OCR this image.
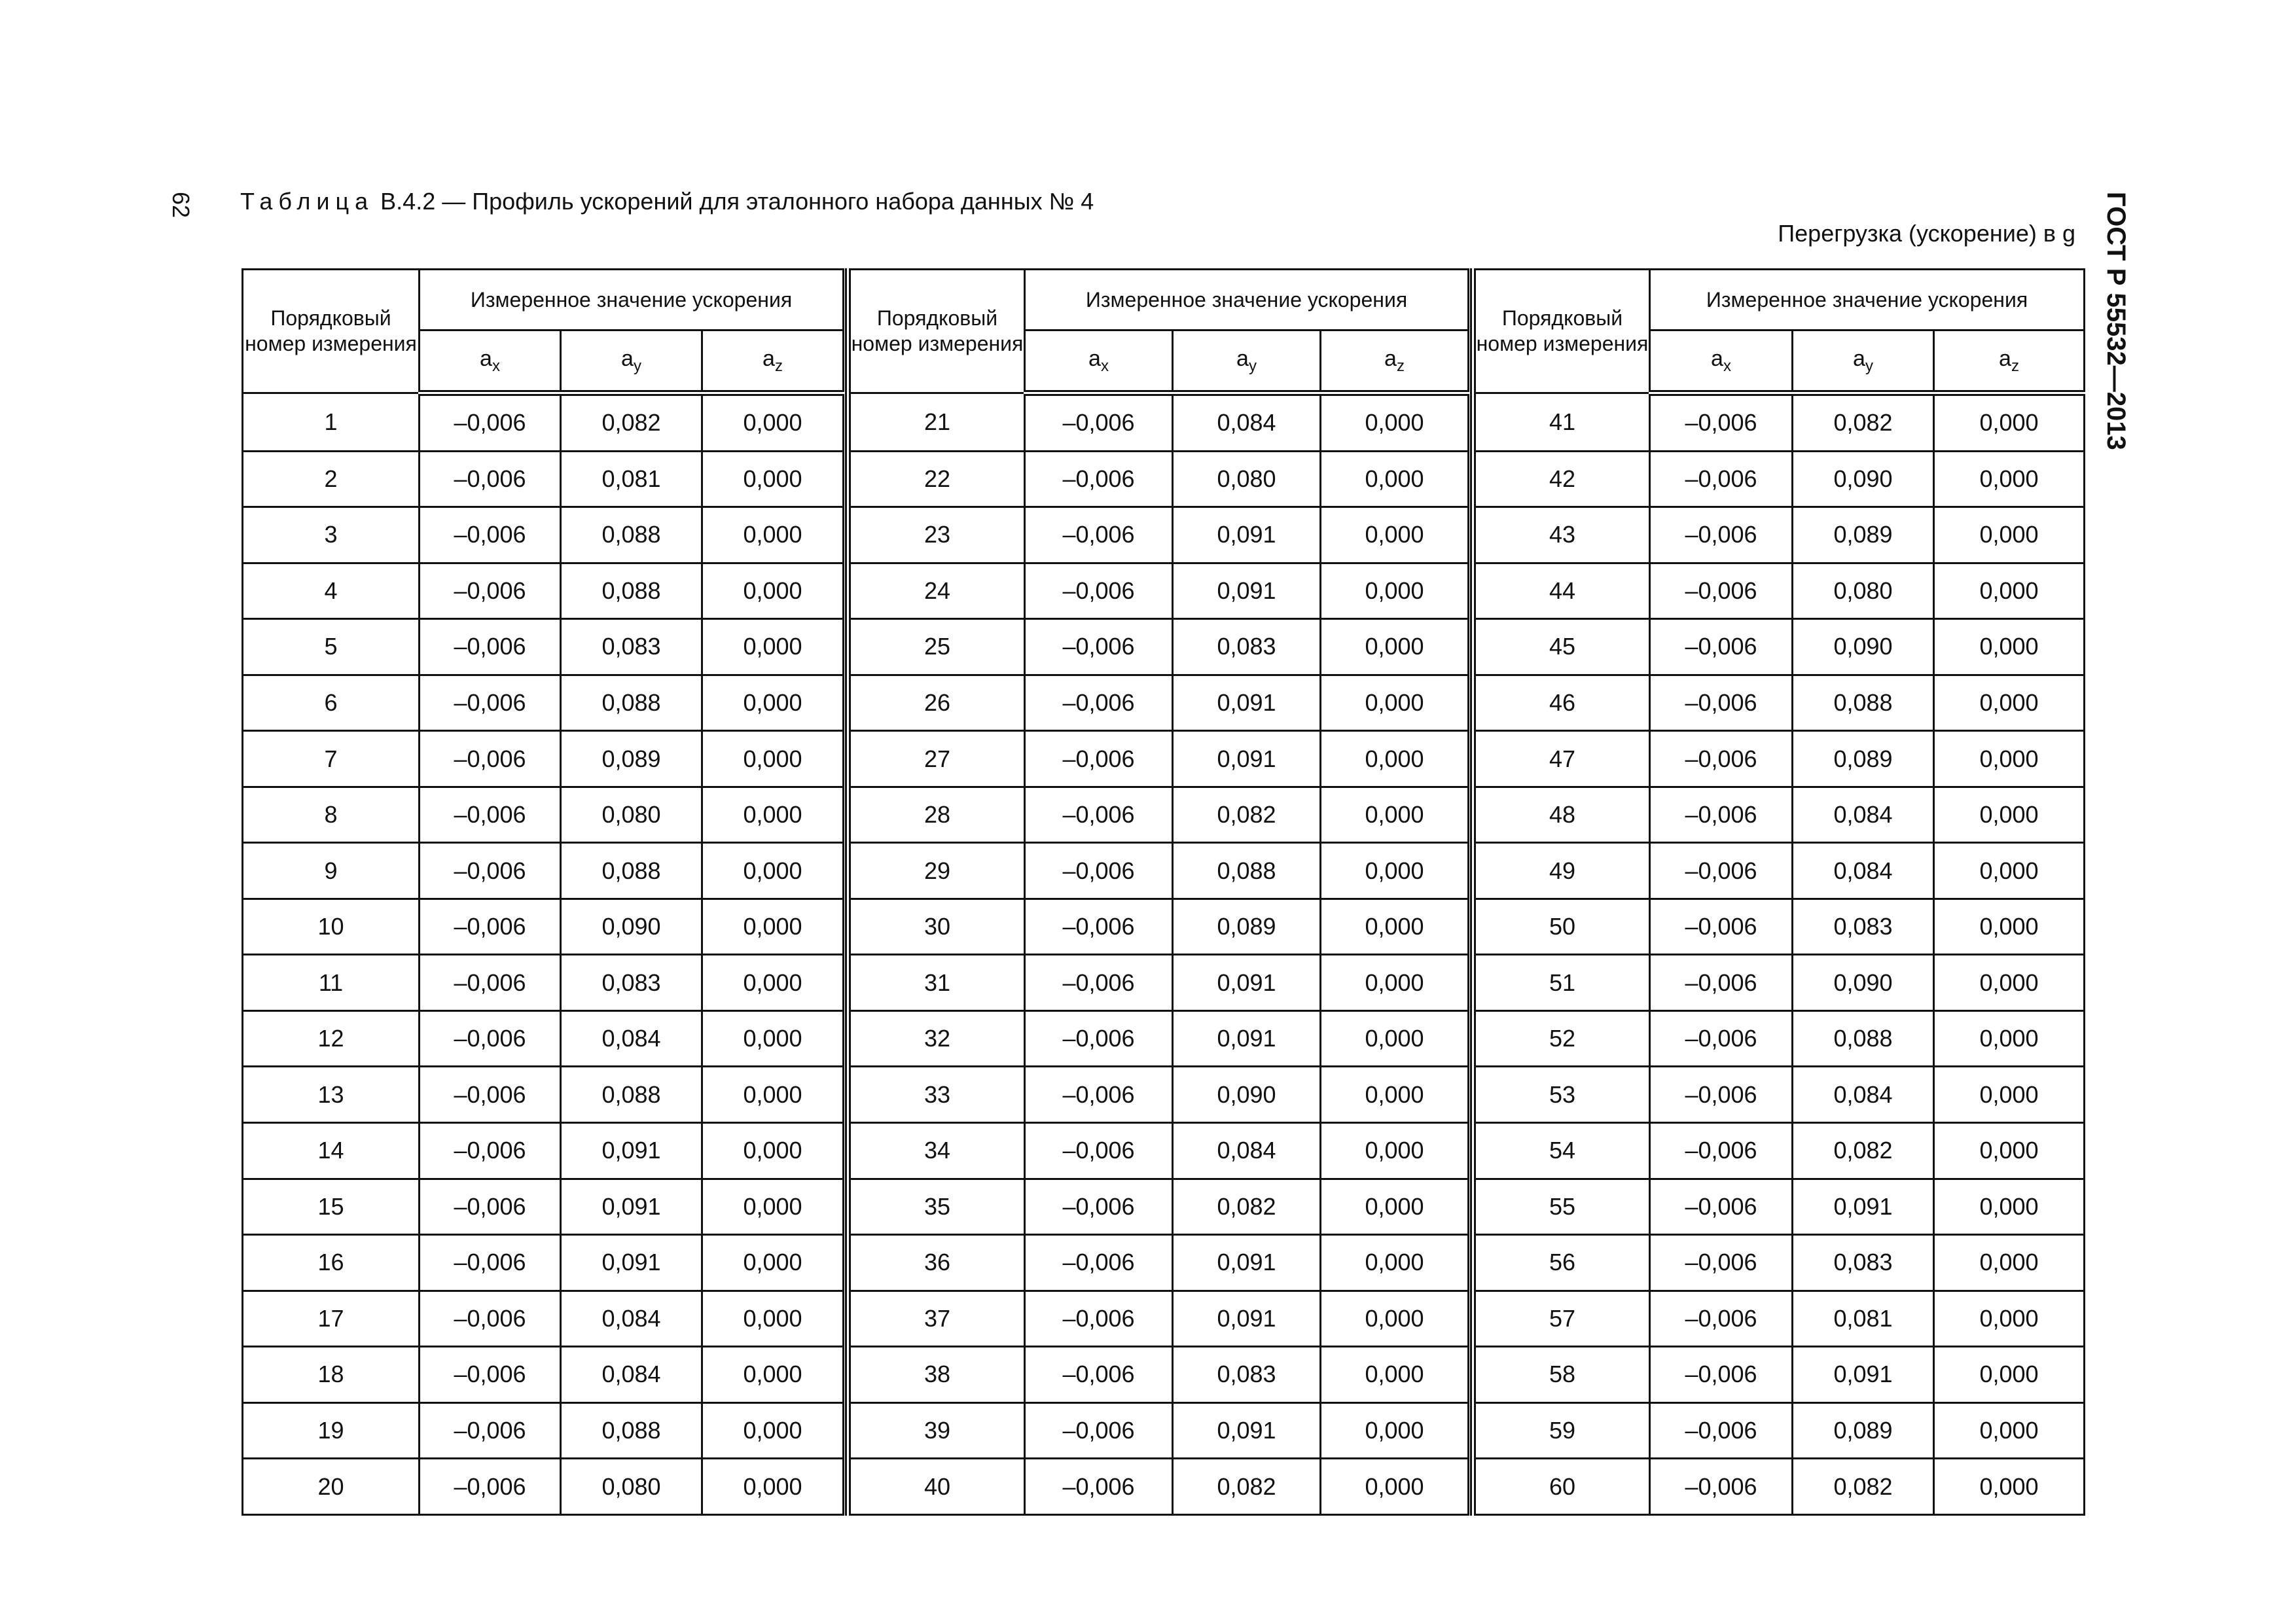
62	ГОСТ Р 55532—2013
Таблица В.4.2 — Профиль ускорений для эталонного набора данных № 4
Перегрузка (ускорение) в g
Порядковый номер измерения	Измеренное значение ускорения		
	$a_x$	$a_y$	$a_z$
1	–0,006	0,082	0,000
2	–0,006	0,081	0,000
3	–0,006	0,088	0,000
4	–0,006	0,088	0,000
5	–0,006	0,083	0,000
6	–0,006	0,088	0,000
7	–0,006	0,089	0,000
8	–0,006	0,080	0,000
9	–0,006	0,088	0,000
10	–0,006	0,090	0,000
11	–0,006	0,083	0,000
12	–0,006	0,084	0,000
13	–0,006	0,088	0,000
14	–0,006	0,091	0,000
15	–0,006	0,091	0,000
16	–0,006	0,091	0,000
17	–0,006	0,084	0,000
18	–0,006	0,084	0,000
19	–0,006	0,088	0,000
20	–0,006	0,080	0,000
Порядковый номер измерения	Измеренное значение ускорения		
	$a_x$	$a_y$	$a_z$
21	–0,006	0,084	0,000
22	–0,006	0,080	0,000
23	–0,006	0,091	0,000
24	–0,006	0,091	0,000
25	–0,006	0,083	0,000
26	–0,006	0,091	0,000
27	–0,006	0,091	0,000
28	–0,006	0,082	0,000
29	–0,006	0,088	0,000
30	–0,006	0,089	0,000
31	–0,006	0,091	0,000
32	–0,006	0,091	0,000
33	–0,006	0,090	0,000
34	–0,006	0,084	0,000
35	–0,006	0,082	0,000
36	–0,006	0,091	0,000
37	–0,006	0,091	0,000
38	–0,006	0,083	0,000
39	–0,006	0,091	0,000
40	–0,006	0,082	0,000
Порядковый номер измерения	Измеренное значение ускорения		
	$a_x$	$a_y$	$a_z$
41	–0,006	0,082	0,000
42	–0,006	0,090	0,000
43	–0,006	0,089	0,000
44	–0,006	0,080	0,000
45	–0,006	0,090	0,000
46	–0,006	0,088	0,000
47	–0,006	0,089	0,000
48	–0,006	0,084	0,000
49	–0,006	0,084	0,000
50	–0,006	0,083	0,000
51	–0,006	0,090	0,000
52	–0,006	0,088	0,000
53	–0,006	0,084	0,000
54	–0,006	0,082	0,000
55	–0,006	0,091	0,000
56	–0,006	0,083	0,000
57	–0,006	0,081	0,000
58	–0,006	0,091	0,000
59	–0,006	0,089	0,000
60	–0,006	0,082	0,000
